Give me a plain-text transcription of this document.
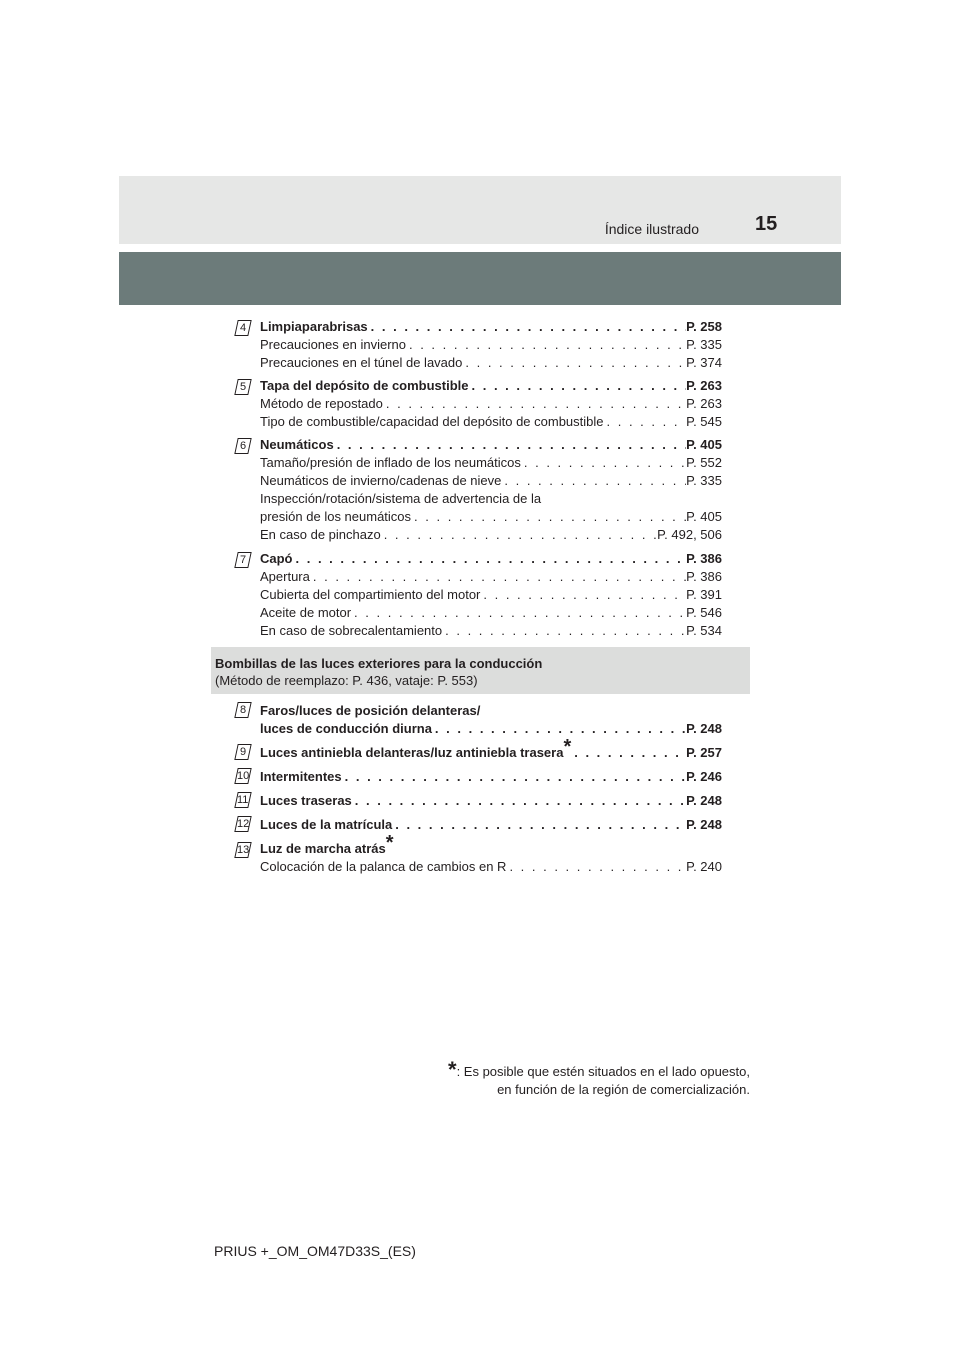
Índice ilustrado	15
4	Limpiaparabrisas . . .	P. 258
Precauciones en invierno . . .	P. 335
Precauciones en el túnel de lavado . . .	P. 374
5	Tapa del depósito de combustible . . .	P. 263
Método de repostado . . .	P. 263
Tipo de combustible/capacidad del depósito de combustible . . .	P. 545
6	Neumáticos . . .	P. 405
Tamaño/presión de inflado de los neumáticos . . .	P. 552
Neumáticos de invierno/cadenas de nieve . . .	P. 335
Inspección/rotación/sistema de advertencia de la
presión de los neumáticos . . .	P. 405
En caso de pinchazo . . .	P. 492, 506
7	Capó . . .	P. 386
Apertura . . .	P. 386
Cubierta del compartimiento del motor . . .	P. 391
Aceite de motor . . .	P. 546
En caso de sobrecalentamiento . . .	P. 534
Bombillas de las luces exteriores para la conducción
(Método de reemplazo: P. 436, vataje: P. 553)
8	Faros/luces de posición delanteras/
luces de conducción diurna . . .	P. 248
9	Luces antiniebla delanteras/luz antiniebla trasera* . . .	P. 257
10 Intermitentes . . .	P. 246
11 Luces traseras . . .	P. 248
12 Luces de la matrícula . . .	P. 248
13 Luz de marcha atrás*
Colocación de la palanca de cambios en R . . .	P. 240
*: Es posible que estén situados en el lado opuesto,
en función de la región de comercialización.
PRIUS +_OM_OM47D33S_(ES)
